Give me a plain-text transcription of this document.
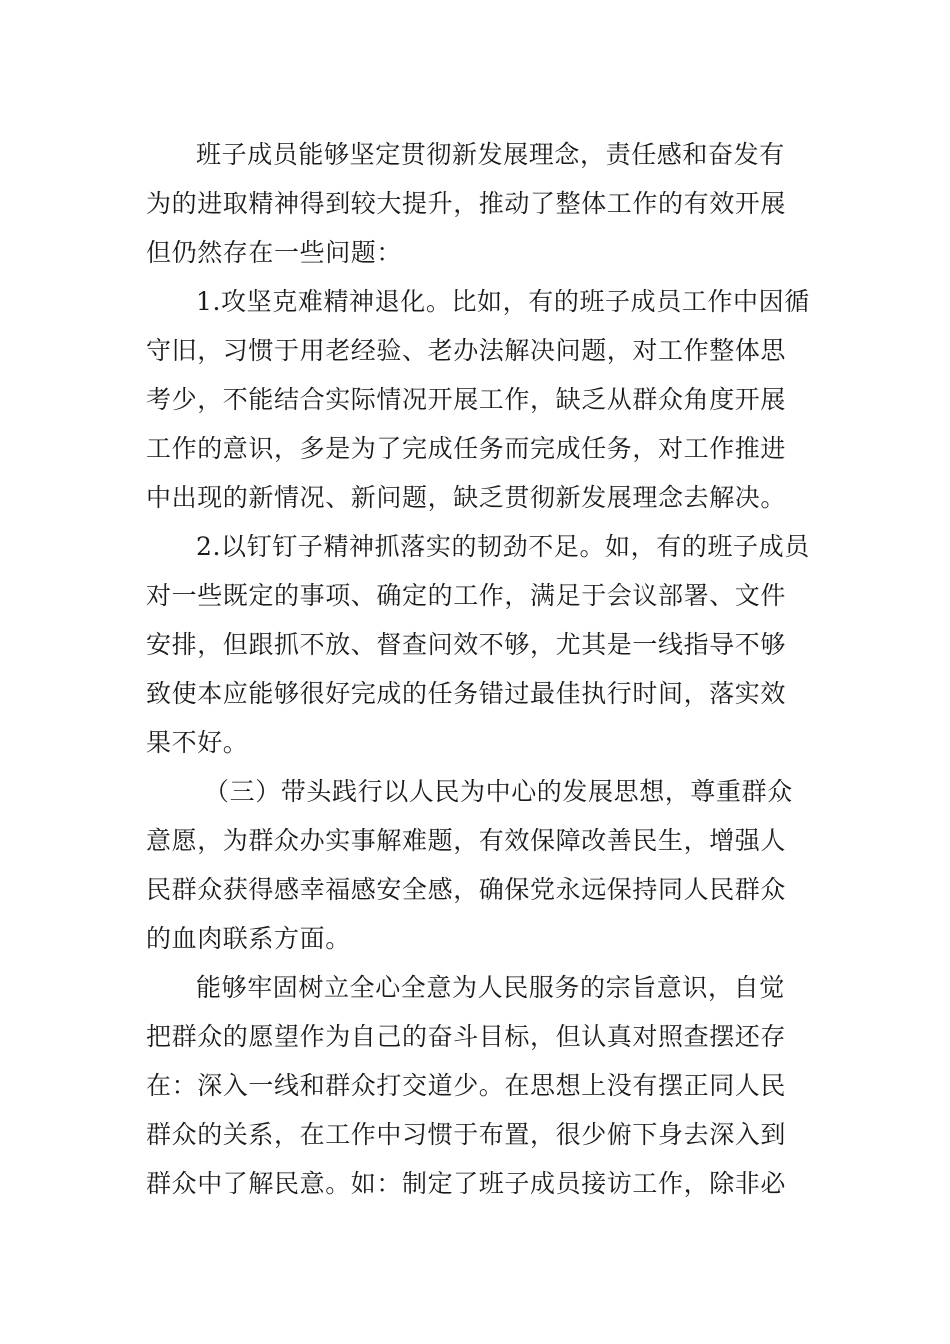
班子成员能够坚定贯彻新发展理念，责任感和奋发有
为的进取精神得到较大提升，推动了整体工作的有效开展
但仍然存在一些问题：
1.攻坚克难精神退化。比如，有的班子成员工作中因循
守旧，习惯于用老经验、老办法解决问题，对工作整体思
考少，不能结合实际情况开展工作，缺乏从群众角度开展
工作的意识，多是为了完成任务而完成任务，对工作推进
中出现的新情况、新问题，缺乏贯彻新发展理念去解决。
2.以钉钉子精神抓落实的韧劲不足。如，有的班子成员
对一些既定的事项、确定的工作，满足于会议部署、文件
安排，但跟抓不放、督查问效不够，尤其是一线指导不够
致使本应能够很好完成的任务错过最佳执行时间，落实效
果不好。
（三）带头践行以人民为中心的发展思想，尊重群众
意愿，为群众办实事解难题，有效保障改善民生，增强人
民群众获得感幸福感安全感，确保党永远保持同人民群众
的血肉联系方面。
能够牢固树立全心全意为人民服务的宗旨意识，自觉
把群众的愿望作为自己的奋斗目标，但认真对照查摆还存
在：深入一线和群众打交道少。在思想上没有摆正同人民
群众的关系，在工作中习惯于布置，很少俯下身去深入到
群众中了解民意。如：制定了班子成员接访工作，除非必
